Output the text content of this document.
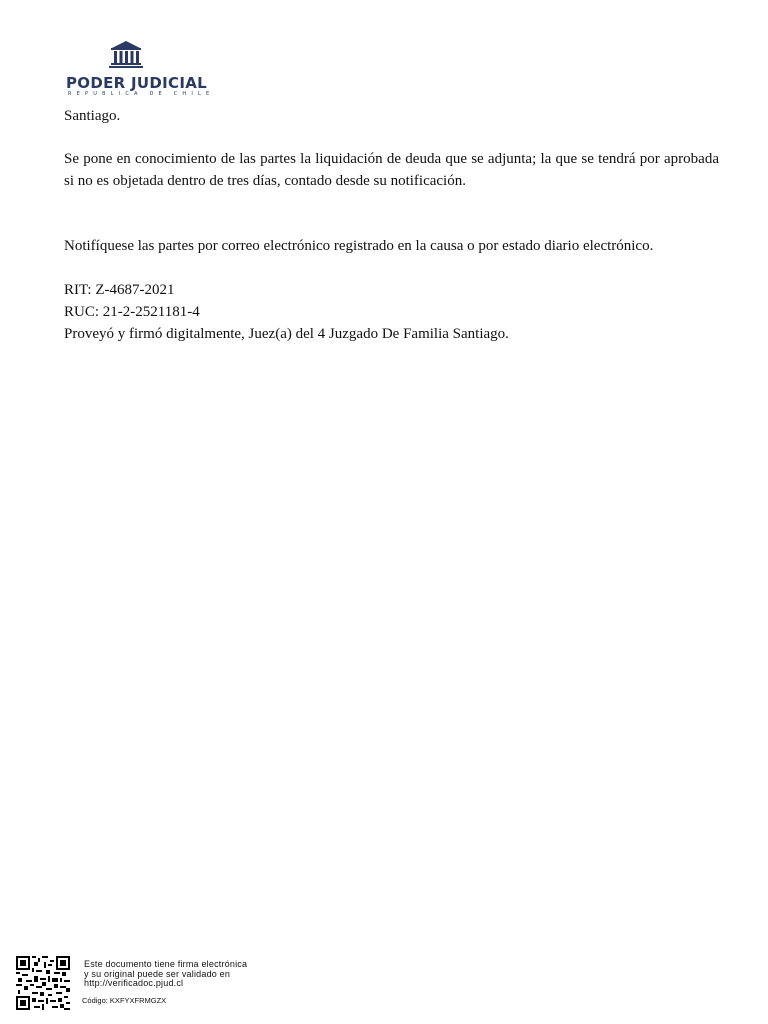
PODER JUDICIAL
REPUBLICA DE CHILE
Santiago.
Se pone en conocimiento de las partes la liquidación de deuda que se adjunta; la que se tendrá por aprobada si no es objetada dentro de tres días, contado desde su notificación.
Notifíquese las partes por correo electrónico registrado en la causa o por estado diario electrónico.
RIT: Z-4687-2021
RUC: 21-2-2521181-4
Proveyó y firmó digitalmente, Juez(a) del 4 Juzgado De Familia Santiago.
Este documento tiene firma electrónica
y su original puede ser validado en
http://verificadoc.pjud.cl
Código: KXFYXFRMGZX
